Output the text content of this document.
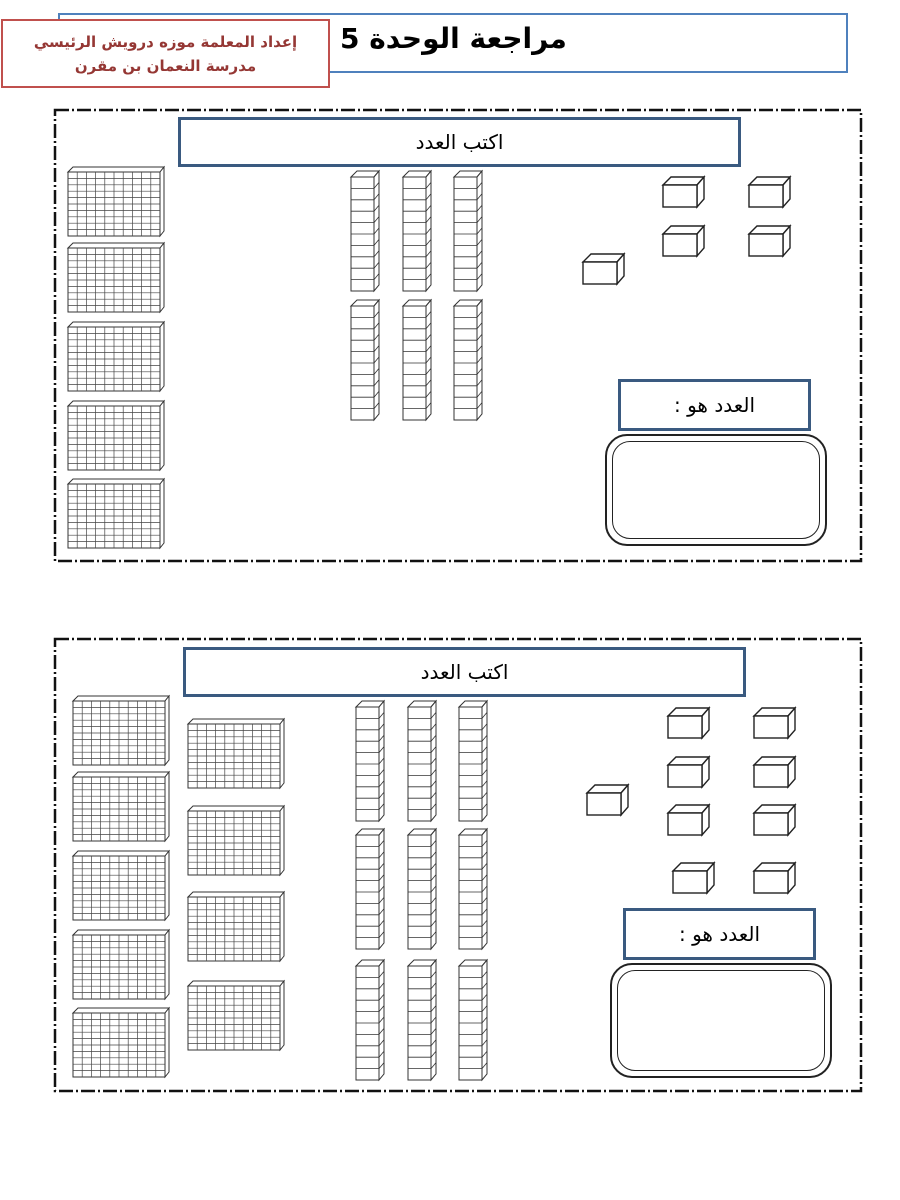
مراجعة الوحدة 5
إعداد المعلمة موزه درويش الرئيسي
مدرسة النعمان بن مقرن
اكتب العدد
العدد هو :
اكتب العدد
العدد هو :
